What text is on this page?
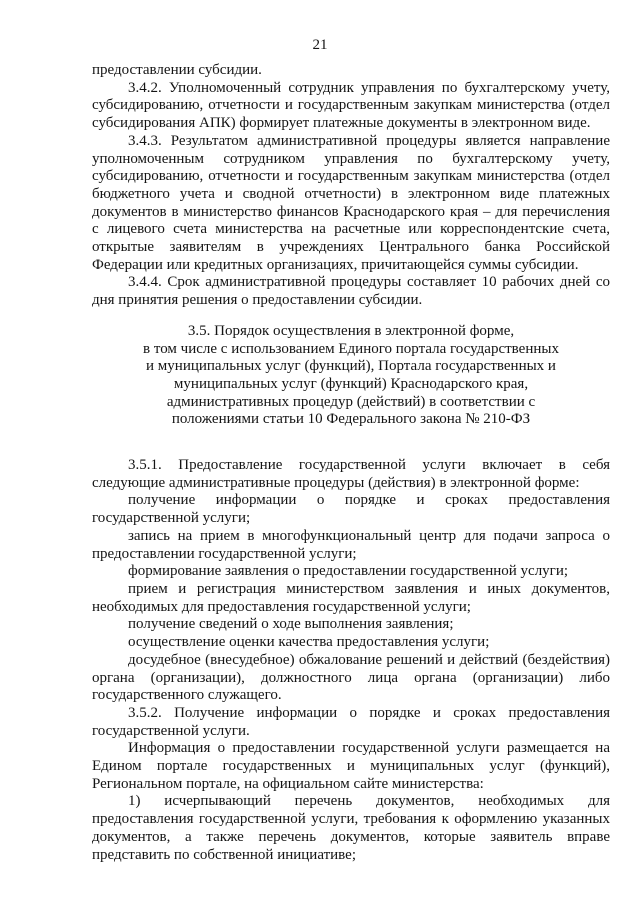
21

предоставлении субсидии.

3.4.2. Уполномоченный сотрудник управления по бухгалтерскому учету, субсидированию, отчетности и государственным закупкам министерства (отдел субсидирования АПК) формирует платежные документы в электронном виде.

3.4.3. Результатом административной процедуры является направление уполномоченным сотрудником управления по бухгалтерскому учету, субсидированию, отчетности и государственным закупкам министерства (отдел бюджетного учета и сводной отчетности) в электронном виде платежных документов в министерство финансов Краснодарского края – для перечисления с лицевого счета министерства на расчетные или корреспондентские счета, открытые заявителям в учреждениях Центрального банка Российской Федерации или кредитных организациях, причитающейся суммы субсидии.

3.4.4. Срок административной процедуры составляет 10 рабочих дней со дня принятия решения о предоставлении субсидии.

3.5. Порядок осуществления в электронной форме,
в том числе с использованием Единого портала государственных
и муниципальных услуг (функций), Портала государственных и
муниципальных услуг (функций) Краснодарского края,
административных процедур (действий) в соответствии с
положениями статьи 10 Федерального закона № 210-ФЗ

3.5.1. Предоставление государственной услуги включает в себя следующие административные процедуры (действия) в электронной форме:

получение информации о порядке и сроках предоставления государственной услуги;

запись на прием в многофункциональный центр для подачи запроса о предоставлении государственной услуги;

формирование заявления о предоставлении государственной услуги;

прием и регистрация министерством заявления и иных документов, необходимых для предоставления государственной услуги;

получение сведений о ходе выполнения заявления;

осуществление оценки качества предоставления услуги;

досудебное (внесудебное) обжалование решений и действий (бездействия) органа (организации), должностного лица органа (организации) либо государственного служащего.

3.5.2. Получение информации о порядке и сроках предоставления государственной услуги.

Информация о предоставлении государственной услуги размещается на Едином портале государственных и муниципальных услуг (функций), Региональном портале, на официальном сайте министерства:

1) исчерпывающий перечень документов, необходимых для предоставления государственной услуги, требования к оформлению указанных документов, а также перечень документов, которые заявитель вправе представить по собственной инициативе;
